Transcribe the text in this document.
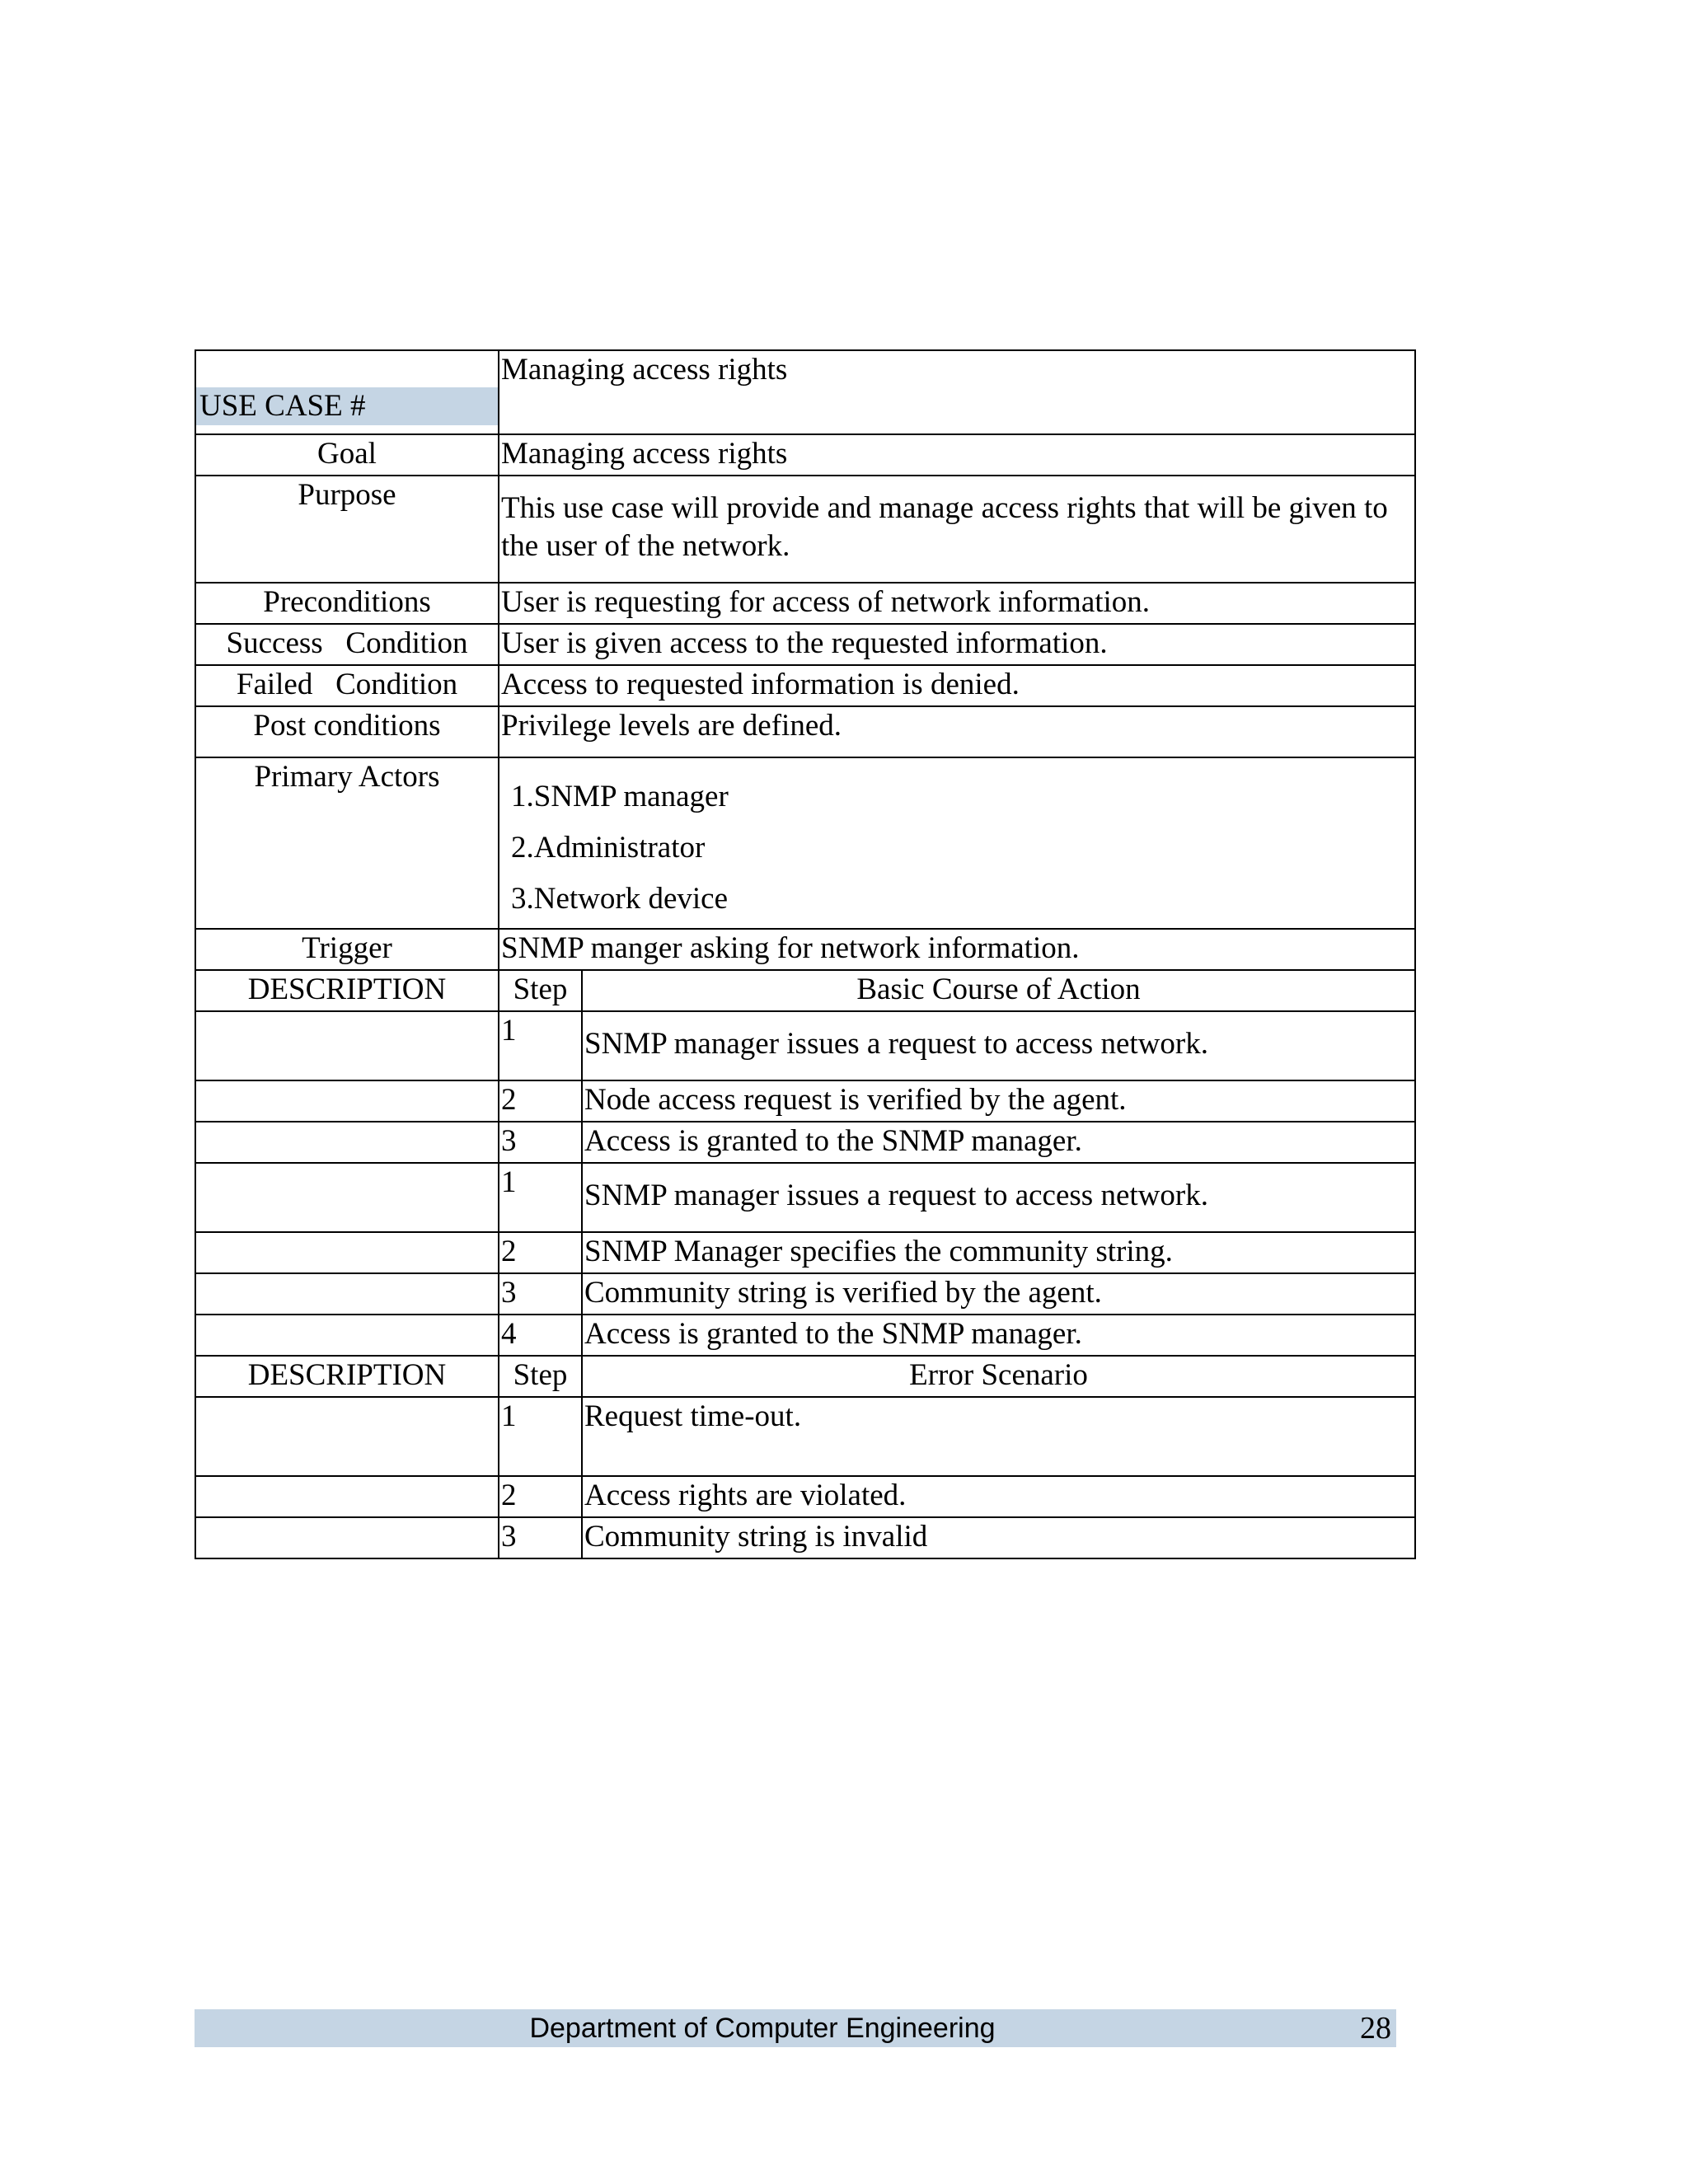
USE CASE #	Managing access rights	
Goal	Managing access rights	
Purpose	This use case will provide and manage access rights that will be given to the user of the network.	

Preconditions	User is requesting for access of network information.	
Success   Condition	User is given access to the requested information.	
Failed   Condition	Access to requested information is denied.	
Post conditions	Privilege levels are defined.	
Primary Actors	1.SNMP manager
2.Administrator
3.Network device	

Trigger	SNMP manger asking for network information.	
DESCRIPTION	Step	Basic Course of Action
	1	SNMP manager issues a request to access network.

	2	Node access request is verified by the agent.
	3	Access is granted to the SNMP manager.
	1	SNMP manager issues a request to access network.

	2	SNMP Manager specifies the community string.
	3	Community string is verified by the agent.
	4	Access is granted to the SNMP manager.
DESCRIPTION	Step	Error Scenario
	1	Request time-out.
	2	Access rights are violated.
	3	Community string is invalid
Department of Computer Engineering	28
